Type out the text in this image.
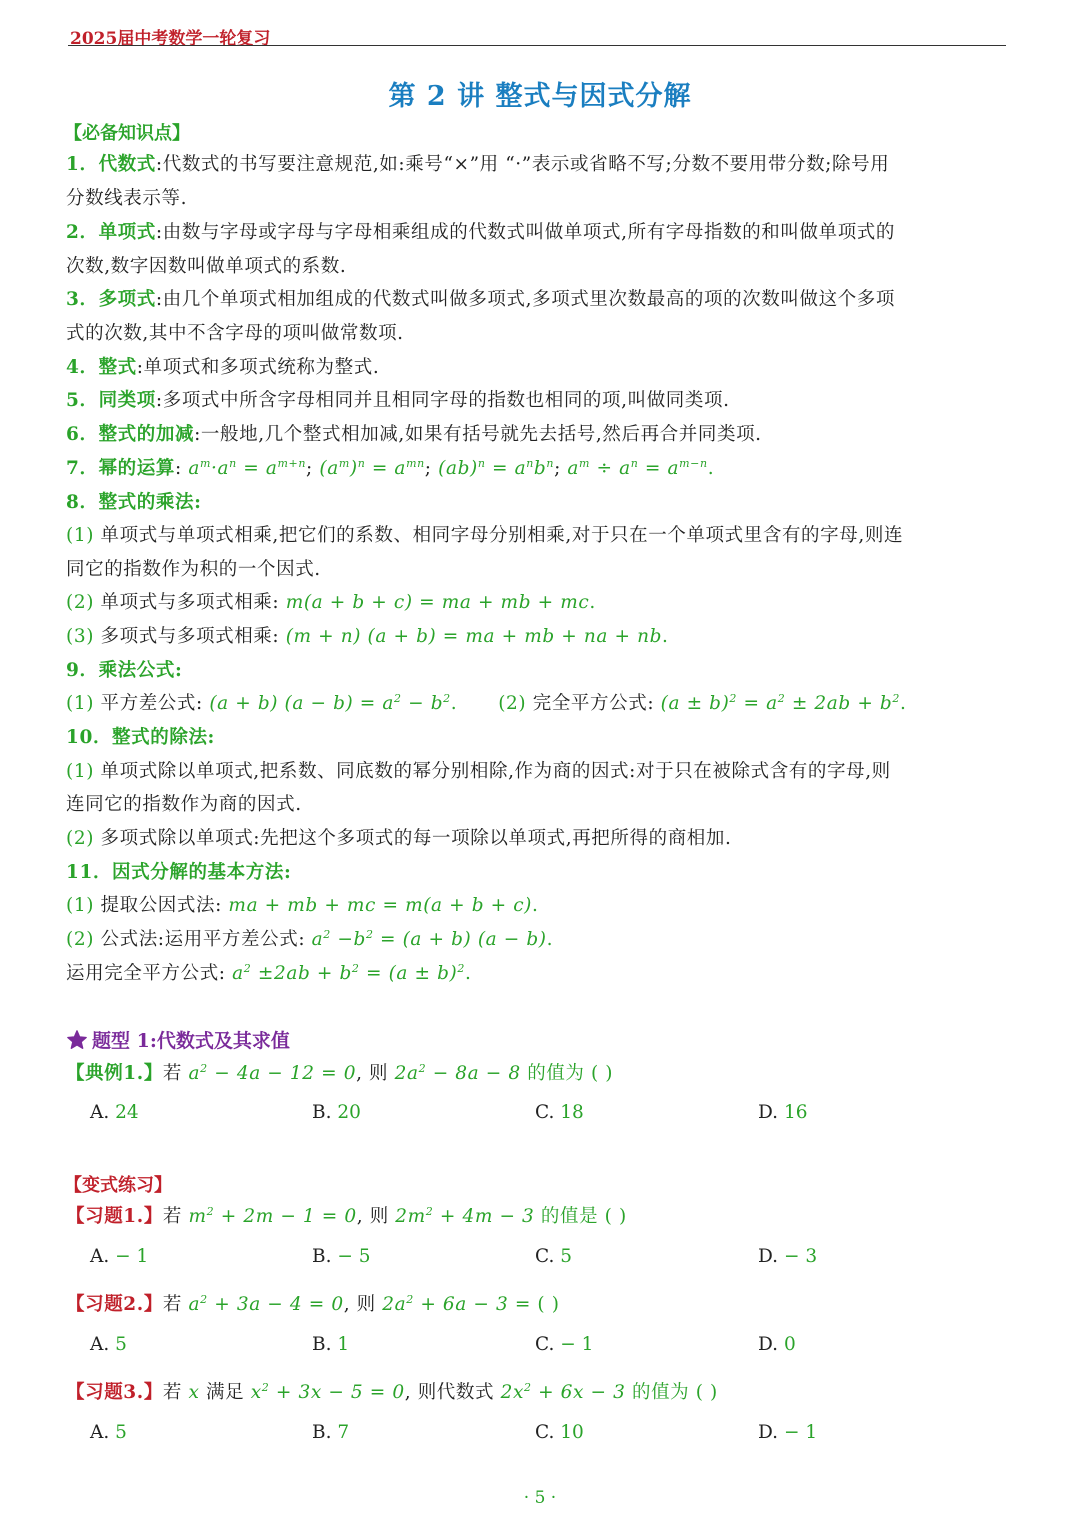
2025届中考数学一轮复习
第 2 讲 整式与因式分解
【必备知识点】
1．代数式:代数式的书写要注意规范,如:乘号“×”用 “·”表示或省略不写;分数不要用带分数;除号用
分数线表示等.
2．单项式:由数与字母或字母与字母相乘组成的代数式叫做单项式,所有字母指数的和叫做单项式的
次数,数字因数叫做单项式的系数.
3．多项式:由几个单项式相加组成的代数式叫做多项式,多项式里次数最高的项的次数叫做这个多项
式的次数,其中不含字母的项叫做常数项.
4．整式:单项式和多项式统称为整式.
5．同类项:多项式中所含字母相同并且相同字母的指数也相同的项,叫做同类项.
6．整式的加减:一般地,几个整式相加减,如果有括号就先去括号,然后再合并同类项.
7．幂的运算: $a^m\cdot a^n = a^{m+n}$; $(a^m)^n = a^{mn}$; $(ab)^n = a^nb^n$; $a^m \div a^n = a^{m-n}$.
8．整式的乘法:
(1) 单项式与单项式相乘,把它们的系数、相同字母分别相乘,对于只在一个单项式里含有的字母,则连
同它的指数作为积的一个因式.
(2) 单项式与多项式相乘: m(a + b + c) = ma + mb + mc.
(3) 多项式与多项式相乘: (m + n) (a + b) = ma + mb + na + nb.
9．乘法公式:
(1) 平方差公式: (a + b) $(a - b) = a^2 - b^2$. (2) 完全平方公式: $(a \pm b)^2 = a^2 \pm 2ab + b^2$.
10．整式的除法:
(1) 单项式除以单项式,把系数、同底数的幂分别相除,作为商的因式:对于只在被除式含有的字母,则
连同它的指数作为商的因式.
(2) 多项式除以单项式:先把这个多项式的每一项除以单项式,再把所得的商相加.
11．因式分解的基本方法:
(1) 提取公因式法: ma + mb + mc = m(a + b + c).
(2) 公式法:运用平方差公式: $a^2 -b^2 = (a + b) (a - b)$.
运用完全平方公式: $a^2 \pm 2ab + b^2 = (a \pm b)^2$.
题型 1:代数式及其求值
【典例1.】若 $a^2 - 4a - 12 = 0$, 则 $2a^2 - 8a - 8$ 的值为 ( )
A. 24	B. 20	C. 18	D. 16
【变式练习】
【习题1.】若 $m^2 + 2m - 1 = 0$, 则 $2m^2 + 4m - 3$ 的值是 ( )
A. − 1	B. − 5	C. 5	D. − 3
【习题2.】若 $a^2 + 3a - 4 = 0$, 则 $2a^2 + 6a - 3$ = ( )
A. 5	B. 1	C. − 1	D. 0
【习题3.】若 x 满足 $x^2 + 3x - 5 = 0$, 则代数式 $2x^2 + 6x - 3$ 的值为 ( )
A. 5	B. 7	C. 10	D. − 1
· 5 ·
